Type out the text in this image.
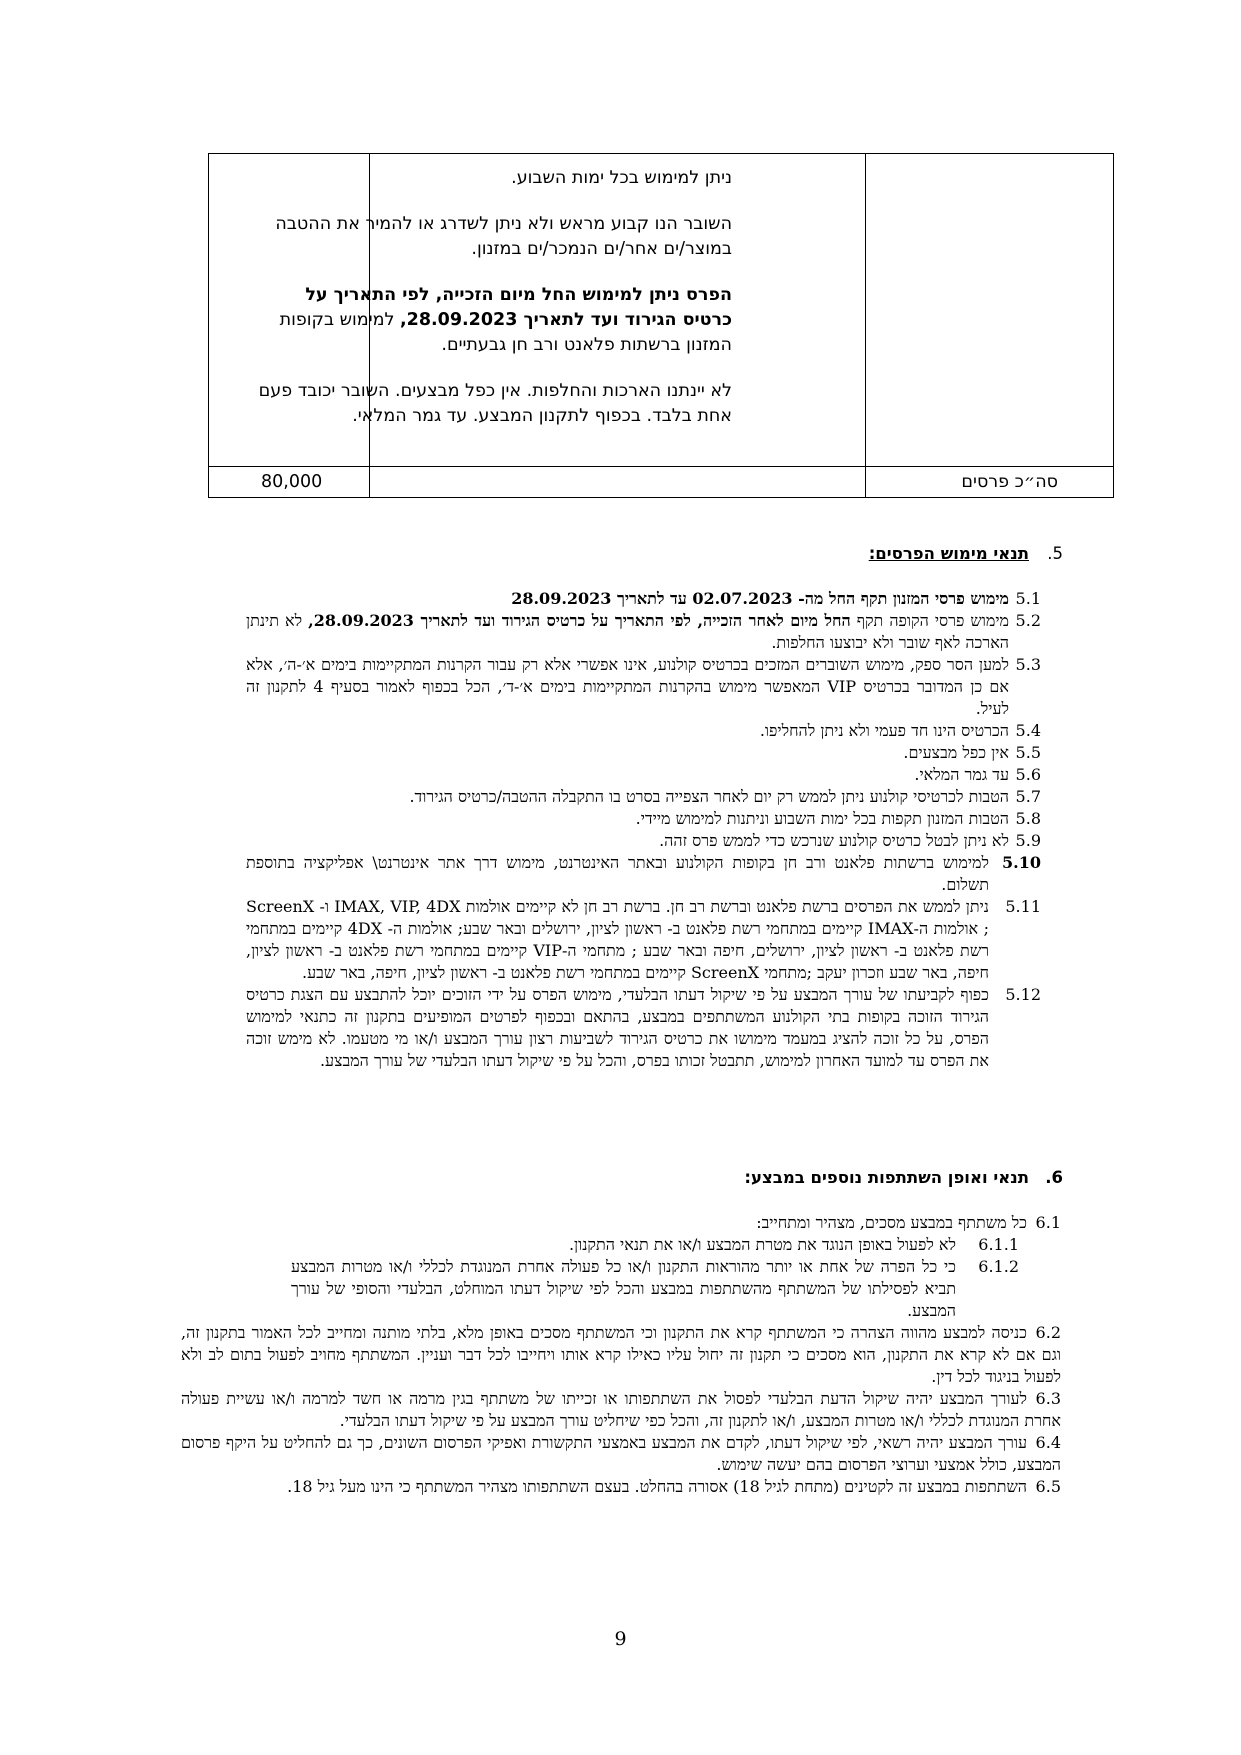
ניתן למימוש בכל ימות השבוע.

השובר הנו קבוע מראש ולא ניתן לשדרג או להמיר את ההטבה במוצר/ים אחר/ים הנמכר/ים במזנון.

הפרס ניתן למימוש החל מיום הזכייה, לפי התאריך על כרטיס הגירוד ועד לתאריך 28.09.2023, למימוש בקופות המזנון ברשתות פלאנט ורב חן גבעתיים.

לא יינתנו הארכות והחלפות. אין כפל מבצעים. השובר יכובד פעם אחת בלבד. בכפוף לתקנון המבצע. עד גמר המלאי.

סה״כ פרסים
80,000
5.תנאי מימוש הפרסים:
5.1
מימוש פרסי המזנון תקף החל מה- 02.07.2023 עד לתאריך 28.09.2023
5.2
מימוש פרסי הקופה תקף החל מיום לאחר הזכייה, לפי התאריך על כרטיס הגירוד ועד לתאריך 28.09.2023, לא תינתן הארכה לאף שובר ולא יבוצעו החלפות.
5.3
למען הסר ספק, מימוש השוברים המזכים בכרטיס קולנוע, אינו אפשרי אלא רק עבור הקרנות המתקיימות בימים א׳-ה׳, אלא אם כן המדובר בכרטיס VIP המאפשר מימוש בהקרנות המתקיימות בימים א׳-ד׳, הכל בכפוף לאמור בסעיף 4 לתקנון זה לעיל.
5.4
הכרטיס הינו חד פעמי ולא ניתן להחליפו.
5.5
אין כפל מבצעים.
5.6
עד גמר המלאי.
5.7
הטבות לכרטיסי קולנוע ניתן לממש רק יום לאחר הצפייה בסרט בו התקבלה ההטבה/כרטיס הגירוד.
5.8
הטבות המזנון תקפות בכל ימות השבוע וניתנות למימוש מיידי.
5.9
לא ניתן לבטל כרטיס קולנוע שנרכש כדי לממש פרס זהה.
5.10
למימוש ברשתות פלאנט ורב חן בקופות הקולנוע ובאתר האינטרנט, מימוש דרך אתר אינטרנט\ אפליקציה בתוספת תשלום.
5.11
ניתן לממש את הפרסים ברשת פלאנט וברשת רב חן. ברשת רב חן לא קיימים אולמות IMAX, VIP, 4DX ו- ScreenX ; אולמות ה-IMAX קיימים במתחמי רשת פלאנט ב- ראשון לציון, ירושלים ובאר שבע; אולמות ה- 4DX קיימים במתחמי רשת פלאנט ב- ראשון לציון, ירושלים, חיפה ובאר שבע ; מתחמי ה-VIP קיימים במתחמי רשת פלאנט ב- ראשון לציון, חיפה, באר שבע וזכרון יעקב ;מתחמי ScreenX קיימים במתחמי רשת פלאנט ב- ראשון לציון, חיפה, באר שבע.
5.12
כפוף לקביעתו של עורך המבצע על פי שיקול דעתו הבלעדי, מימוש הפרס על ידי הזוכים יוכל להתבצע עם הצגת כרטיס הגירוד הזוכה בקופות בתי הקולנוע המשתתפים במבצע, בהתאם ובכפוף לפרטים המופיעים בתקנון זה כתנאי למימוש הפרס, על כל זוכה להציג במעמד מימושו את כרטיס הגירוד לשביעות רצון עורך המבצע ו/או מי מטעמו. לא מימש זוכה את הפרס עד למועד האחרון למימוש, תתבטל זכותו בפרס, והכל על פי שיקול דעתו הבלעדי של עורך המבצע.
6.תנאי ואופן השתתפות נוספים במבצע:
6.1
כל משתתף במבצע מסכים, מצהיר ומתחייב:
6.1.1
לא לפעול באופן הנוגד את מטרת המבצע ו/או את תנאי התקנון.
6.1.2
כי כל הפרה של אחת או יותר מהוראות התקנון ו/או כל פעולה אחרת המנוגדת לכללי ו/או מטרות המבצע תביא לפסילתו של המשתתף מהשתתפות במבצע והכל לפי שיקול דעתו המוחלט, הבלעדי והסופי של עורך המבצע.
6.2
כניסה למבצע מהווה הצהרה כי המשתתף קרא את התקנון וכי המשתתף מסכים באופן מלא, בלתי מותנה ומחייב לכל האמור בתקנון זה, וגם אם לא קרא את התקנון, הוא מסכים כי תקנון זה יחול עליו כאילו קרא אותו ויחייבו לכל דבר ועניין. המשתתף מחויב לפעול בתום לב ולא לפעול בניגוד לכל דין.
6.3
לעורך המבצע יהיה שיקול הדעת הבלעדי לפסול את השתתפותו או זכייתו של משתתף בגין מרמה או חשד למרמה ו/או עשיית פעולה אחרת המנוגדת לכללי ו/או מטרות המבצע, ו/או לתקנון זה, והכל כפי שיחליט עורך המבצע על פי שיקול דעתו הבלעדי.
6.4
עורך המבצע יהיה רשאי, לפי שיקול דעתו, לקדם את המבצע באמצעי התקשורת ואפיקי הפרסום השונים, כך גם להחליט על היקף פרסום המבצע, כולל אמצעי וערוצי הפרסום בהם יעשה שימוש.
6.5
השתתפות במבצע זה לקטינים (מתחת לגיל 18) אסורה בהחלט. בעצם השתתפותו מצהיר המשתתף כי הינו מעל גיל 18.
9
